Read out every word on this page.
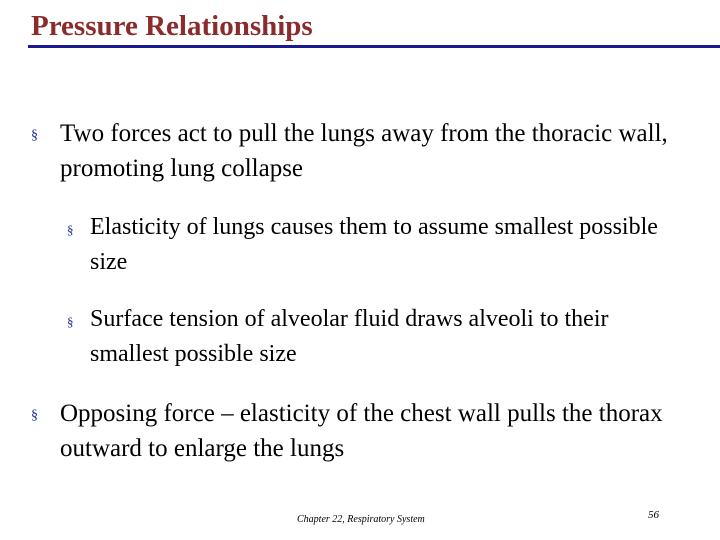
Pressure Relationships
§ Two forces act to pull the lungs away from the thoracic wall, promoting lung collapse
§ Elasticity of lungs causes them to assume smallest possible size
§ Surface tension of alveolar fluid draws alveoli to their smallest possible size
§ Opposing force – elasticity of the chest wall pulls the thorax outward to enlarge the lungs
Chapter 22, Respiratory System	56
